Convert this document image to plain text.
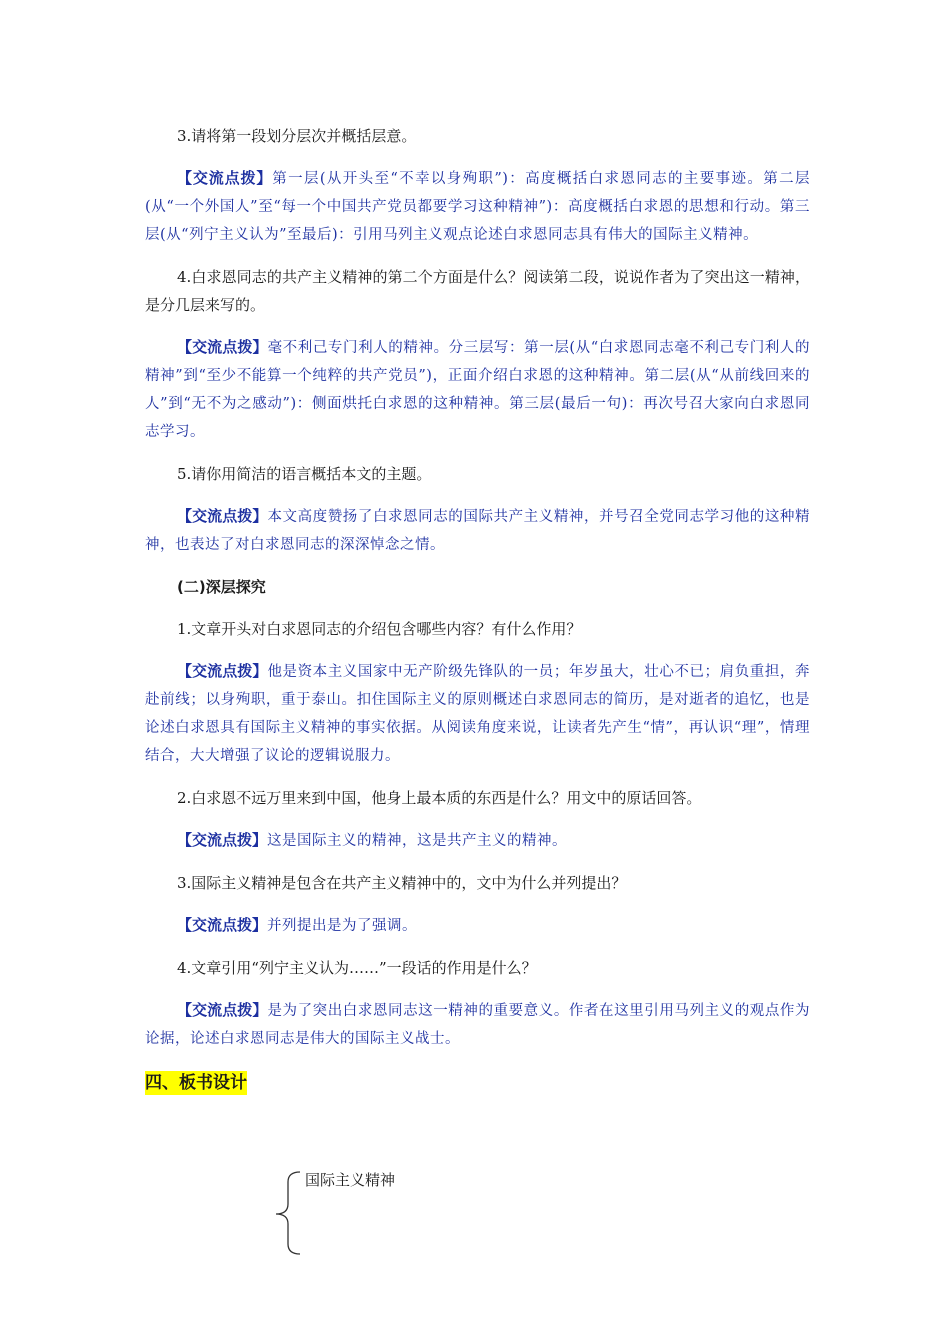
3.请将第一段划分层次并概括层意。

【交流点拨】第一层(从开头至“不幸以身殉职”)：高度概括白求恩同志的主要事迹。第二层(从“一个外国人”至“每一个中国共产党员都要学习这种精神”)：高度概括白求恩的思想和行动。第三层(从“列宁主义认为”至最后)：引用马列主义观点论述白求恩同志具有伟大的国际主义精神。

4.白求恩同志的共产主义精神的第二个方面是什么？阅读第二段，说说作者为了突出这一精神，是分几层来写的。

【交流点拨】毫不利己专门利人的精神。分三层写：第一层(从“白求恩同志毫不利己专门利人的精神”到“至少不能算一个纯粹的共产党员”)，正面介绍白求恩的这种精神。第二层(从“从前线回来的人”到“无不为之感动”)：侧面烘托白求恩的这种精神。第三层(最后一句)：再次号召大家向白求恩同志学习。

5.请你用简洁的语言概括本文的主题。

【交流点拨】本文高度赞扬了白求恩同志的国际共产主义精神，并号召全党同志学习他的这种精神，也表达了对白求恩同志的深深悼念之情。

(二)深层探究

1.文章开头对白求恩同志的介绍包含哪些内容？有什么作用？

【交流点拨】他是资本主义国家中无产阶级先锋队的一员；年岁虽大，壮心不已；肩负重担，奔赴前线；以身殉职，重于泰山。扣住国际主义的原则概述白求恩同志的简历，是对逝者的追忆，也是论述白求恩具有国际主义精神的事实依据。从阅读角度来说，让读者先产生“情”，再认识“理”，情理结合，大大增强了议论的逻辑说服力。

2.白求恩不远万里来到中国，他身上最本质的东西是什么？用文中的原话回答。

【交流点拨】这是国际主义的精神，这是共产主义的精神。

3.国际主义精神是包含在共产主义精神中的，文中为什么并列提出？

【交流点拨】并列提出是为了强调。

4.文章引用“列宁主义认为……”一段话的作用是什么？

【交流点拨】是为了突出白求恩同志这一精神的重要意义。作者在这里引用马列主义的观点作为论据，论述白求恩同志是伟大的国际主义战士。

四、板书设计
国际主义精神
